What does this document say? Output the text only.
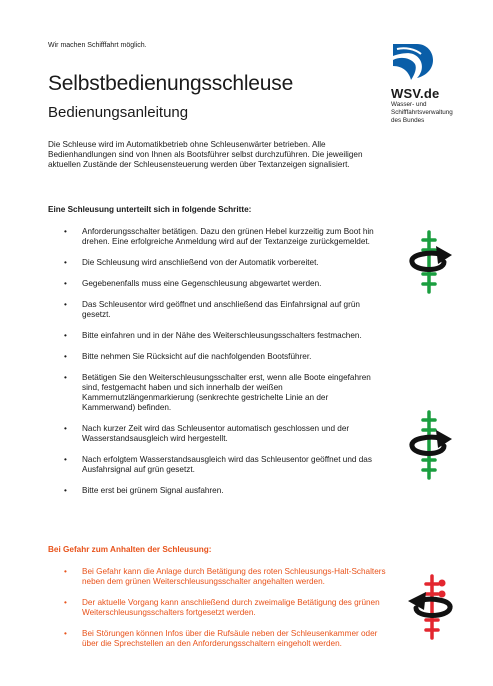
Wir machen Schifffahrt möglich.
WSV.de
Wasser- und
Schifffahrtsverwaltung
des Bundes
Selbstbedienungsschleuse
Bedienungsanleitung
Die Schleuse wird im Automatikbetrieb ohne Schleusenwärter betrieben. Alle Bedienhandlungen sind von Ihnen als Bootsführer selbst durchzuführen. Die jeweiligen aktuellen Zustände der Schleusensteuerung werden über Textanzeigen signalisiert.
Eine Schleusung unterteilt sich in folgende Schritte:
• Anforderungsschalter betätigen. Dazu den grünen Hebel kurzzeitig zum Boot hin drehen. Eine erfolgreiche Anmeldung wird auf der Textanzeige zurückgemeldet.
• Die Schleusung wird anschließend von der Automatik vorbereitet.
• Gegebenenfalls muss eine Gegenschleusung abgewartet werden.
• Das Schleusentor wird geöffnet und anschließend das Einfahrsignal auf grün gesetzt.
• Bitte einfahren und in der Nähe des Weiterschleusungsschalters festmachen.
• Bitte nehmen Sie Rücksicht auf die nachfolgenden Bootsführer.
• Betätigen Sie den Weiterschleusungsschalter erst, wenn alle Boote eingefahren sind, festgemacht haben und sich innerhalb der weißen Kammernutzlängenmarkierung (senkrechte gestrichelte Linie an der Kammerwand) befinden.
• Nach kurzer Zeit wird das Schleusentor automatisch geschlossen und der Wasserstandsausgleich wird hergestellt.
• Nach erfolgtem Wasserstandsausgleich wird das Schleusentor geöffnet und das Ausfahrsignal auf grün gesetzt.
• Bitte erst bei grünem Signal ausfahren.
Bei Gefahr zum Anhalten der Schleusung:
• Bei Gefahr kann die Anlage durch Betätigung des roten Schleusungs-Halt-Schalters neben dem grünen Weiterschleusungsschalter angehalten werden.
• Der aktuelle Vorgang kann anschließend durch zweimalige Betätigung des grünen Weiterschleusungsschalters fortgesetzt werden.
• Bei Störungen können Infos über die Rufsäule neben der Schleusenkammer oder über die Sprechstellen an den Anforderungsschaltern eingeholt werden.
